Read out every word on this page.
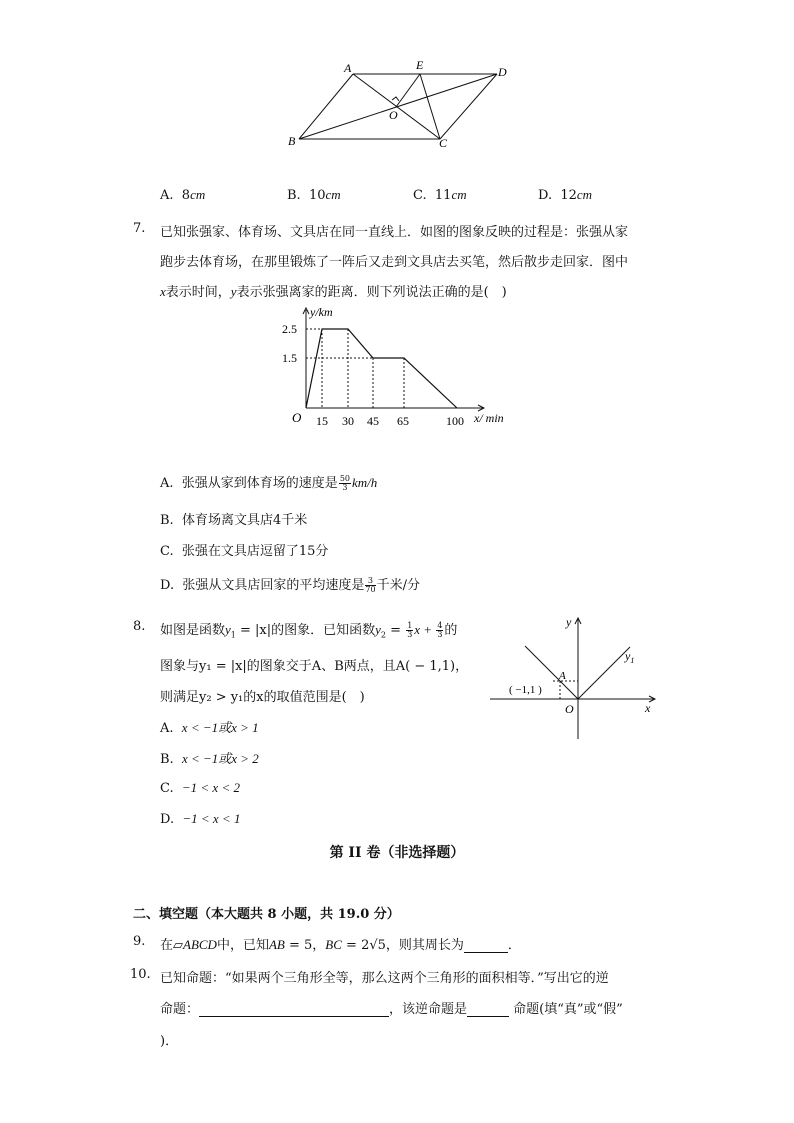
A	E	D
O
B	C
A. 8cm	B. 10cm	C. 11cm	D. 12cm
7. 已知张强家、体育场、文具店在同一直线上．如图的图象反映的过程是：张强从家
跑步去体育场，在那里锻炼了一阵后又走到文具店去买笔，然后散步走回家．图中
x表示时间，y表示张强离家的距离．则下列说法正确的是(　)
y/km
x/ min
O
2.5
1.5
15 30 45 65	100
A. 张强从家到体育场的速度是 $\frac{50}{3} km/h$
B. 体育场离文具店4千米
C. 张强在文具店逗留了15分
D. 张强从文具店回家的平均速度是 $\frac{3}{70}$ 千米/分
8. 如图是函数$y_1 = |x|$的图象．已知函数$y_2 = \frac{1}{3}$ $x + \frac{4}{3}$ 的
图象与y₁ = |x|的图象交于A、B两点，且A( − 1,1)，
则满足y₂ > y₁的x的取值范围是(　)
A. x < −1或x > 1
B. x < −1或x > 2
C. −1 < x < 2
D. −1 < x < 1
y
x
$y_1$
A
O
( −1,1 )
第 II 卷（非选择题）
二、填空题（本大题共 8 小题，共 19.0 分）
9. 在▱ABCD中，已知AB = 5，BC = 2√5，则其周长为	．
10. 已知命题：“如果两个三角形全等，那么这两个三角形的面积相等．”写出它的逆
命题：	，该逆命题是	命题(填“真”或“假”
)．
